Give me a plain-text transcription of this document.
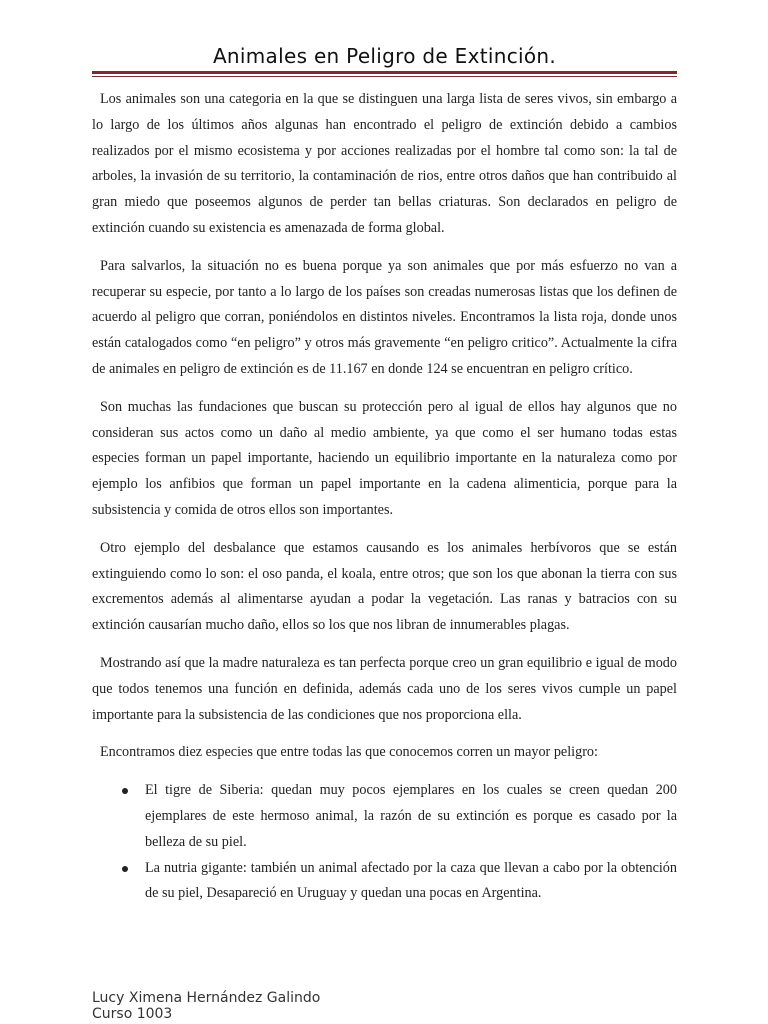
Animales en Peligro de Extinción.

Los animales son una categoria en la que se distinguen una larga lista de seres vivos, sin embargo a lo largo de los últimos años algunas han encontrado el peligro de extinción debido a cambios realizados por el mismo ecosistema y por acciones realizadas por el hombre tal como son: la tal de arboles, la invasión de su territorio, la contaminación de rios, entre otros daños que han contribuido al gran miedo que poseemos algunos de perder tan bellas criaturas. Son declarados en peligro de extinción cuando su existencia es amenazada de forma global.

Para salvarlos, la situación no es buena porque ya son animales que por más esfuerzo no van a recuperar su especie, por tanto a lo largo de los países son creadas numerosas listas que los definen de acuerdo al peligro que corran, poniéndolos en distintos niveles. Encontramos la lista roja, donde unos están catalogados como “en peligro” y otros más gravemente “en peligro critico”. Actualmente la cifra de animales en peligro de extinción es de 11.167 en donde 124 se encuentran en peligro crítico.

Son muchas las fundaciones que buscan su protección pero al igual de ellos hay algunos que no consideran sus actos como un daño al medio ambiente, ya que como el ser humano todas estas especies forman un papel importante, haciendo un equilibrio importante en la naturaleza como por ejemplo los anfibios que forman un papel importante en la cadena alimenticia, porque para la subsistencia y comida de otros ellos son importantes.

Otro ejemplo del desbalance que estamos causando es los animales herbívoros que se están extinguiendo como lo son: el oso panda, el koala, entre otros; que son los que abonan la tierra con sus excrementos además al alimentarse ayudan a podar la vegetación. Las ranas y batracios con su extinción causarían mucho daño, ellos so los que nos libran de innumerables plagas.

Mostrando así que la madre naturaleza es tan perfecta porque creo un gran equilibrio e igual de modo que todos tenemos una función en definida, además cada uno de los seres vivos cumple un papel importante para la subsistencia de las condiciones que nos proporciona ella.

Encontramos diez especies que entre todas las que conocemos corren un mayor peligro:

El tigre de Siberia: quedan muy pocos ejemplares en los cuales se creen quedan 200 ejemplares de este hermoso animal, la razón de su extinción es porque es casado por la belleza de su piel.
La nutria gigante: también un animal afectado por la caza que llevan a cabo por la obtención de su piel, Desapareció en Uruguay y quedan una pocas en Argentina.
Lucy Ximena Hernández Galindo
Curso 1003
